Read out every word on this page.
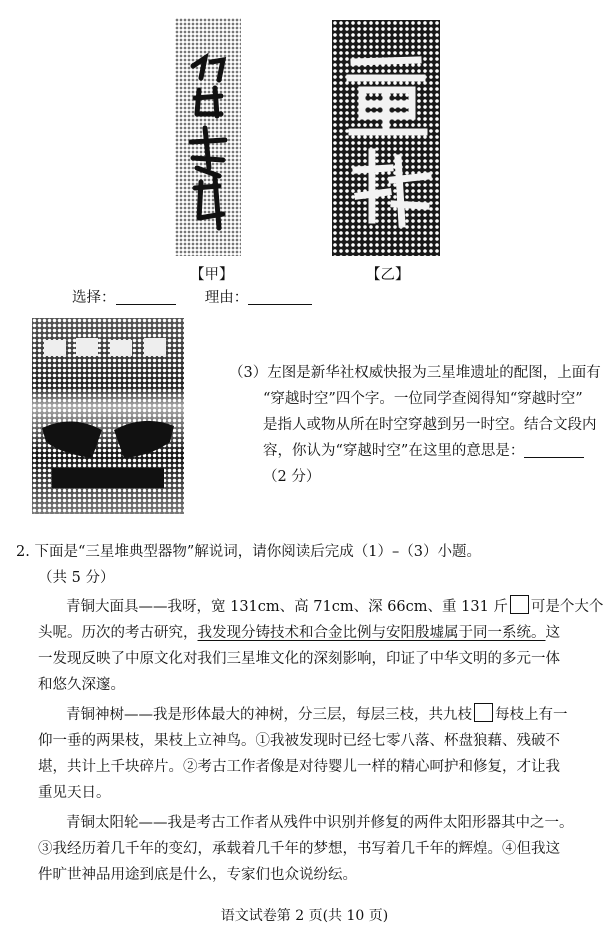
【甲】	【乙】
选择：	理由：
（3）左图是新华社权威快报为三星堆遗址的配图，上面有
“穿越时空”四个字。一位同学查阅得知“穿越时空”
是指人或物从所在时空穿越到另一时空。结合文段内
容，你认为“穿越时空”在这里的意思是：
（2 分）
2. 下面是“三星堆典型器物”解说词，请你阅读后完成（1）–（3）小题。
（共 5 分）
青铜大面具——我呀，宽 131cm、高 71cm、深 66cm、重 131 斤 可是个大个
头呢。历次的考古研究，我发现分铸技术和合金比例与安阳殷墟属于同一系统。这
一发现反映了中原文化对我们三星堆文化的深刻影响，印证了中华文明的多元一体
和悠久深邃。
青铜神树——我是形体最大的神树，分三层，每层三枝，共九枝 每枝上有一
仰一垂的两果枝，果枝上立神鸟。①我被发现时已经七零八落、杯盘狼藉、残破不
堪，共计上千块碎片。②考古工作者像是对待婴儿一样的精心呵护和修复，才让我
重见天日。
青铜太阳轮——我是考古工作者从残件中识别并修复的两件太阳形器其中之一。
③我经历着几千年的变幻，承载着几千年的梦想，书写着几千年的辉煌。④但我这
件旷世神品用途到底是什么，专家们也众说纷纭。
语文试卷第 2 页(共 10 页)
